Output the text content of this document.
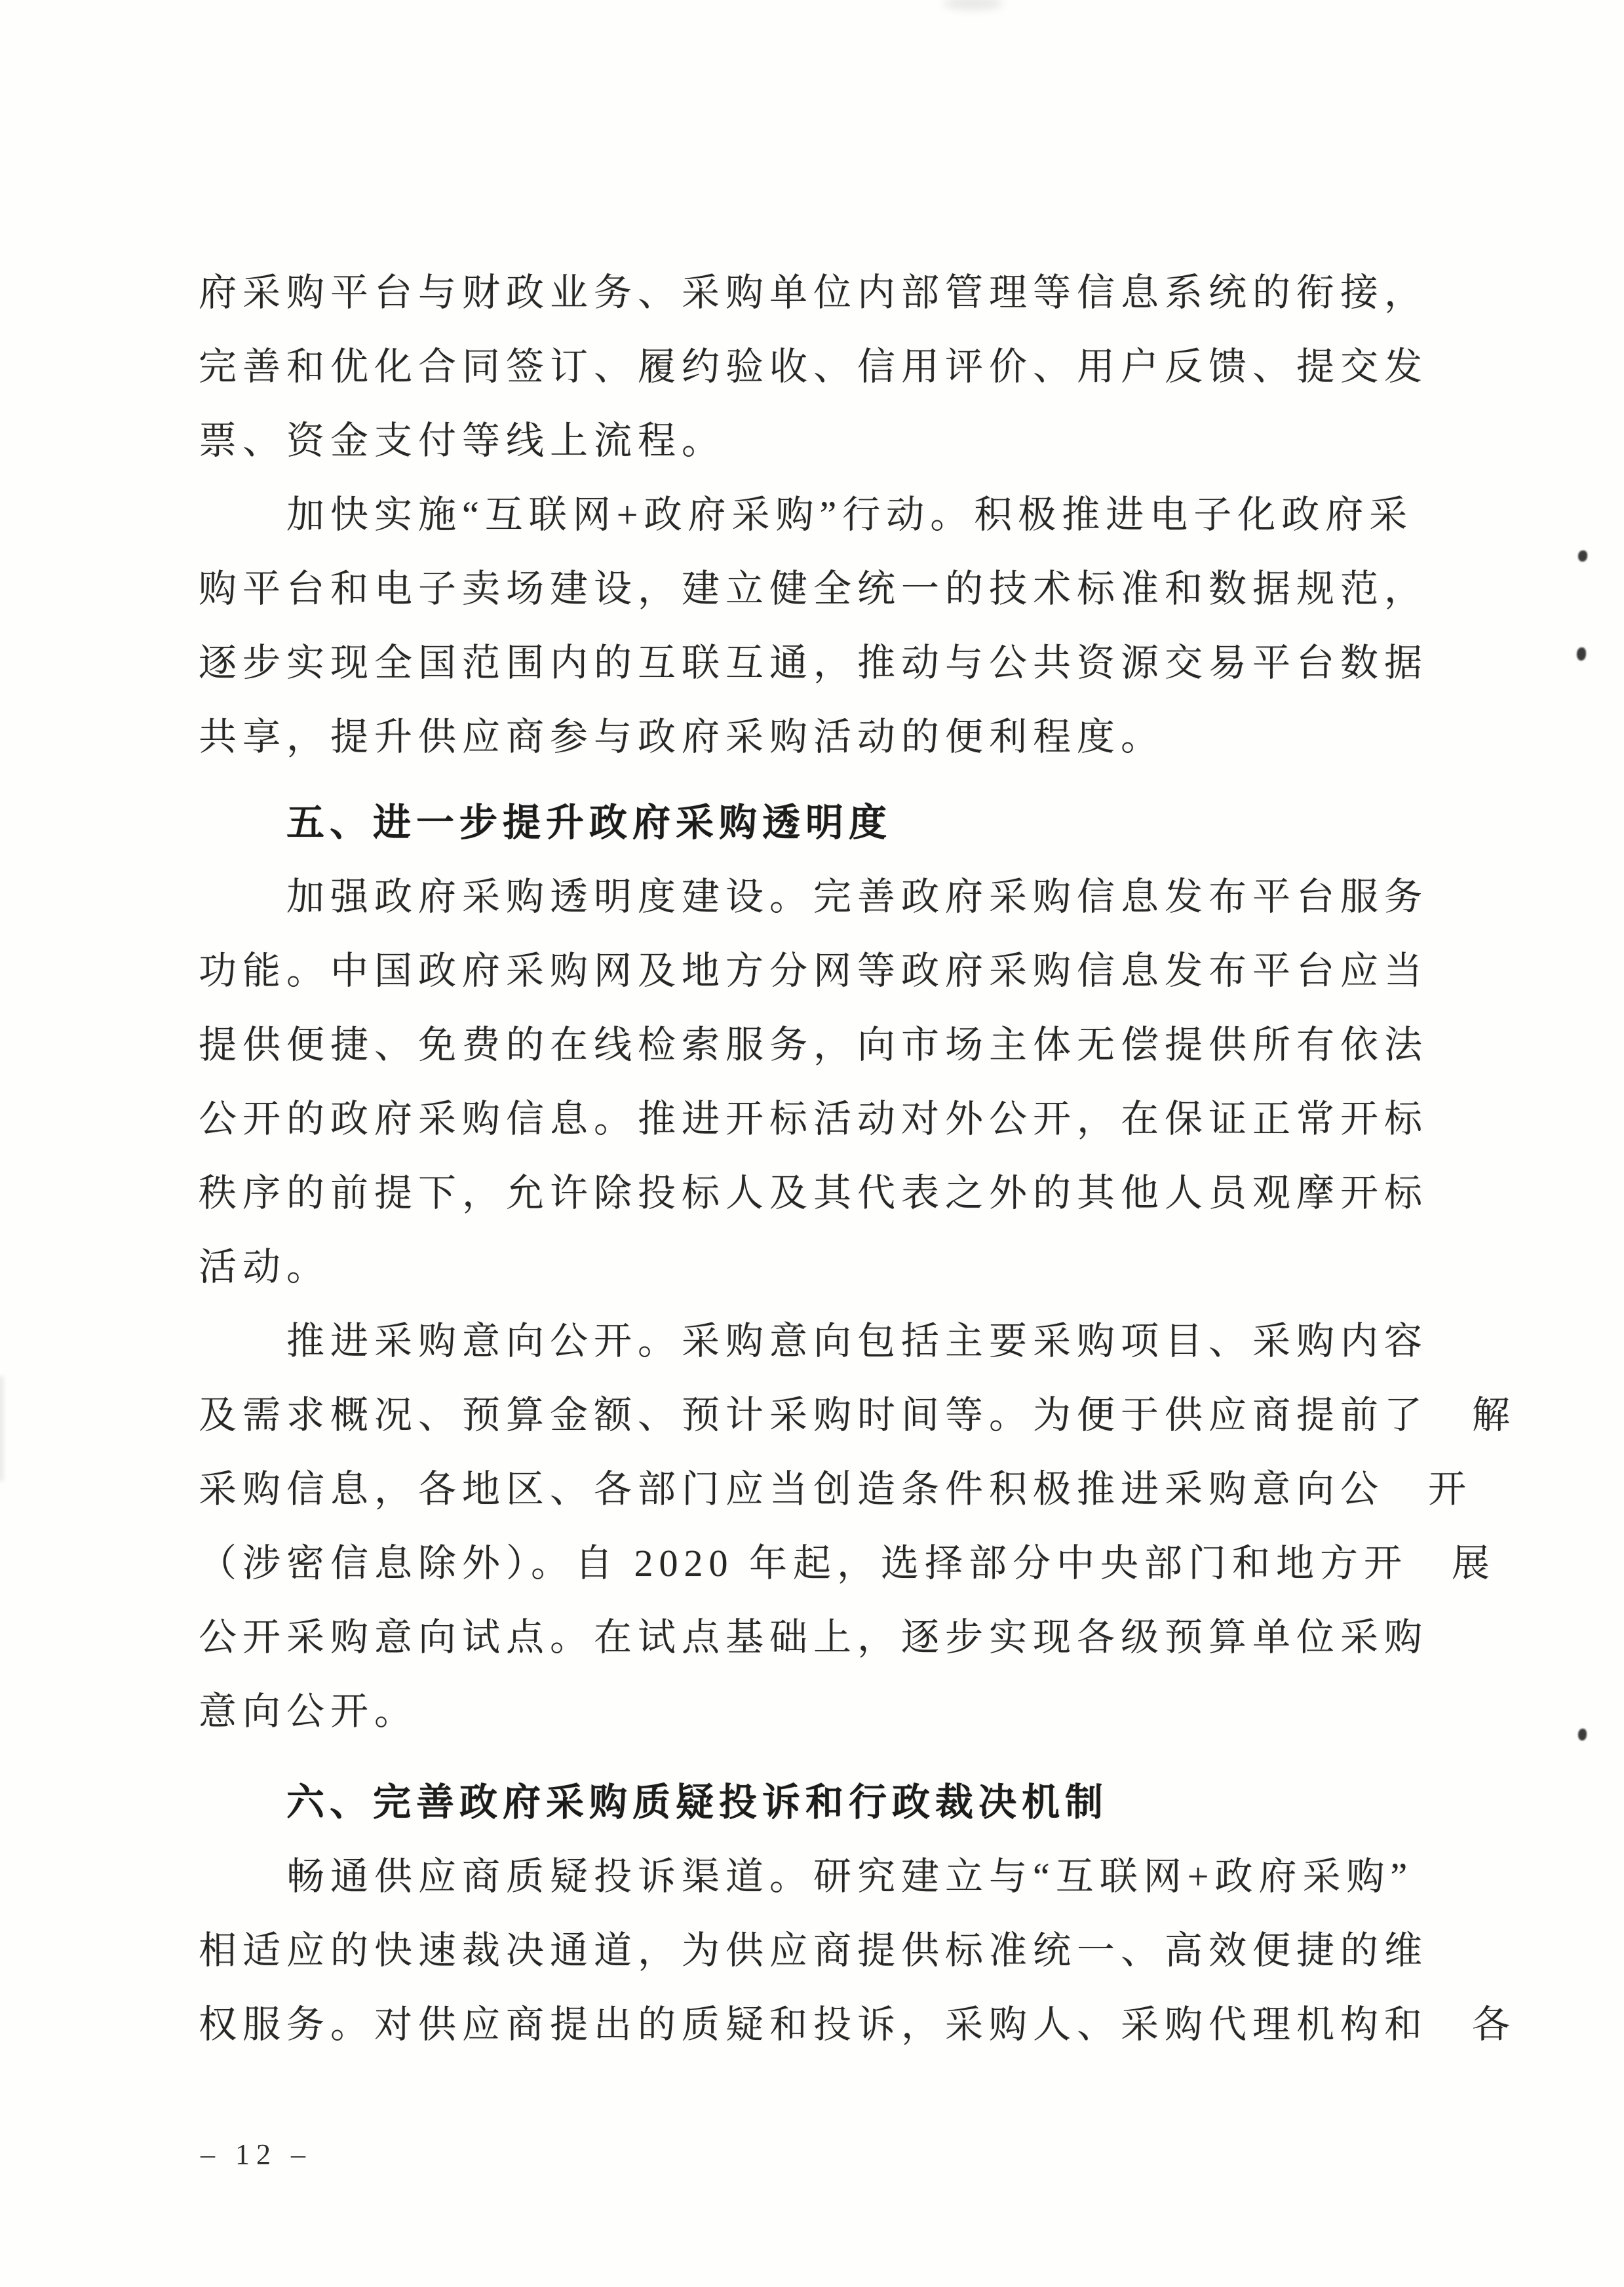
府采购平台与财政业务、采购单位内部管理等信息系统的衔接，
完善和优化合同签订、履约验收、信用评价、用户反馈、提交发
票、资金支付等线上流程。
加快实施“互联网+政府采购”行动。积极推进电子化政府采
购平台和电子卖场建设，建立健全统一的技术标准和数据规范，
逐步实现全国范围内的互联互通，推动与公共资源交易平台数据
共享，提升供应商参与政府采购活动的便利程度。
五、进一步提升政府采购透明度
加强政府采购透明度建设。完善政府采购信息发布平台服务
功能。中国政府采购网及地方分网等政府采购信息发布平台应当
提供便捷、免费的在线检索服务，向市场主体无偿提供所有依法
公开的政府采购信息。推进开标活动对外公开，在保证正常开标
秩序的前提下，允许除投标人及其代表之外的其他人员观摩开标
活动。
推进采购意向公开。采购意向包括主要采购项目、采购内容
及需求概况、预算金额、预计采购时间等。为便于供应商提前了　解
采购信息，各地区、各部门应当创造条件积极推进采购意向公　开
（涉密信息除外）。自 2020 年起，选择部分中央部门和地方开　展
公开采购意向试点。在试点基础上，逐步实现各级预算单位采购
意向公开。
六、完善政府采购质疑投诉和行政裁决机制
畅通供应商质疑投诉渠道。研究建立与“互联网+政府采购”
相适应的快速裁决通道，为供应商提供标准统一、高效便捷的维
权服务。对供应商提出的质疑和投诉，采购人、采购代理机构和　各
– 12 –
